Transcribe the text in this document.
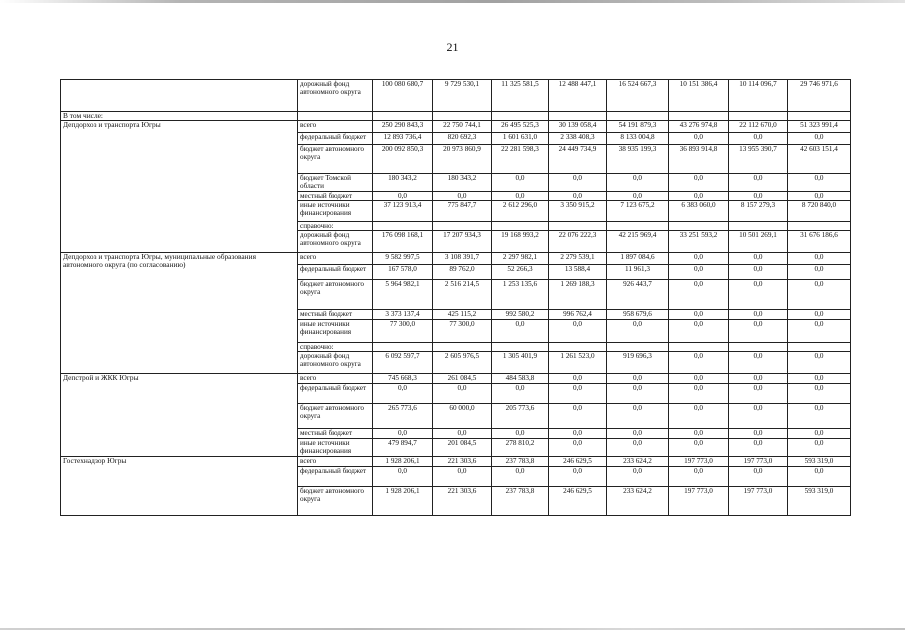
21
	дорожный фонд автономного округа	100 080 680,7	9 729 530,1	11 325 581,5	12 488 447,1	16 524 667,3	10 151 386,4	10 114 096,7	29 746 971,6
В том числе:									
Депдорхоз и транспорта Югры	всего	250 290 843,3	22 750 744,1	26 495 525,3	30 139 058,4	54 191 879,3	43 276 974,8	22 112 670,0	51 323 991,4
	федеральный бюджет	12 893 736,4	820 692,3	1 601 631,0	2 338 408,3	8 133 004,8	0,0	0,0	0,0
	бюджет автономного округа	200 092 850,3	20 973 860,9	22 281 598,3	24 449 734,9	38 935 199,3	36 893 914,8	13 955 390,7	42 603 151,4
	бюджет Томской области	180 343,2	180 343,2	0,0	0,0	0,0	0,0	0,0	0,0
	местный бюджет	0,0	0,0	0,0	0,0	0,0	0,0	0,0	0,0
	иные источники финансирования	37 123 913,4	775 847,7	2 612 296,0	3 350 915,2	7 123 675,2	6 383 060,0	8 157 279,3	8 720 840,0
	справочно:								
	дорожный фонд автономного округа	176 098 168,1	17 207 934,3	19 168 993,2	22 076 222,3	42 215 969,4	33 251 593,2	10 501 269,1	31 676 186,6
Депдорхоз и транспорта Югры, муниципальные образования автономного округа (по согласованию)	всего	9 582 997,5	3 108 391,7	2 297 982,1	2 279 539,1	1 897 084,6	0,0	0,0	0,0
	федеральный бюджет	167 578,0	89 762,0	52 266,3	13 588,4	11 961,3	0,0	0,0	0,0
	бюджет автономного округа	5 964 982,1	2 516 214,5	1 253 135,6	1 269 188,3	926 443,7	0,0	0,0	0,0
	местный бюджет	3 373 137,4	425 115,2	992 580,2	996 762,4	958 679,6	0,0	0,0	0,0
	иные источники финансирования	77 300,0	77 300,0	0,0	0,0	0,0	0,0	0,0	0,0
	справочно:								
	дорожный фонд автономного округа	6 092 597,7	2 605 976,5	1 305 401,9	1 261 523,0	919 696,3	0,0	0,0	0,0
Депстрой и ЖКК Югры	всего	745 668,3	261 084,5	484 583,8	0,0	0,0	0,0	0,0	0,0
	федеральный бюджет	0,0	0,0	0,0	0,0	0,0	0,0	0,0	0,0
	бюджет автономного округа	265 773,6	60 000,0	205 773,6	0,0	0,0	0,0	0,0	0,0
	местный бюджет	0,0	0,0	0,0	0,0	0,0	0,0	0,0	0,0
	иные источники финансирования	479 894,7	201 084,5	278 810,2	0,0	0,0	0,0	0,0	0,0
Гостехнадзор Югры	всего	1 928 206,1	221 303,6	237 783,8	246 629,5	233 624,2	197 773,0	197 773,0	593 319,0
	федеральный бюджет	0,0	0,0	0,0	0,0	0,0	0,0	0,0	0,0
	бюджет автономного округа	1 928 206,1	221 303,6	237 783,8	246 629,5	233 624,2	197 773,0	197 773,0	593 319,0
